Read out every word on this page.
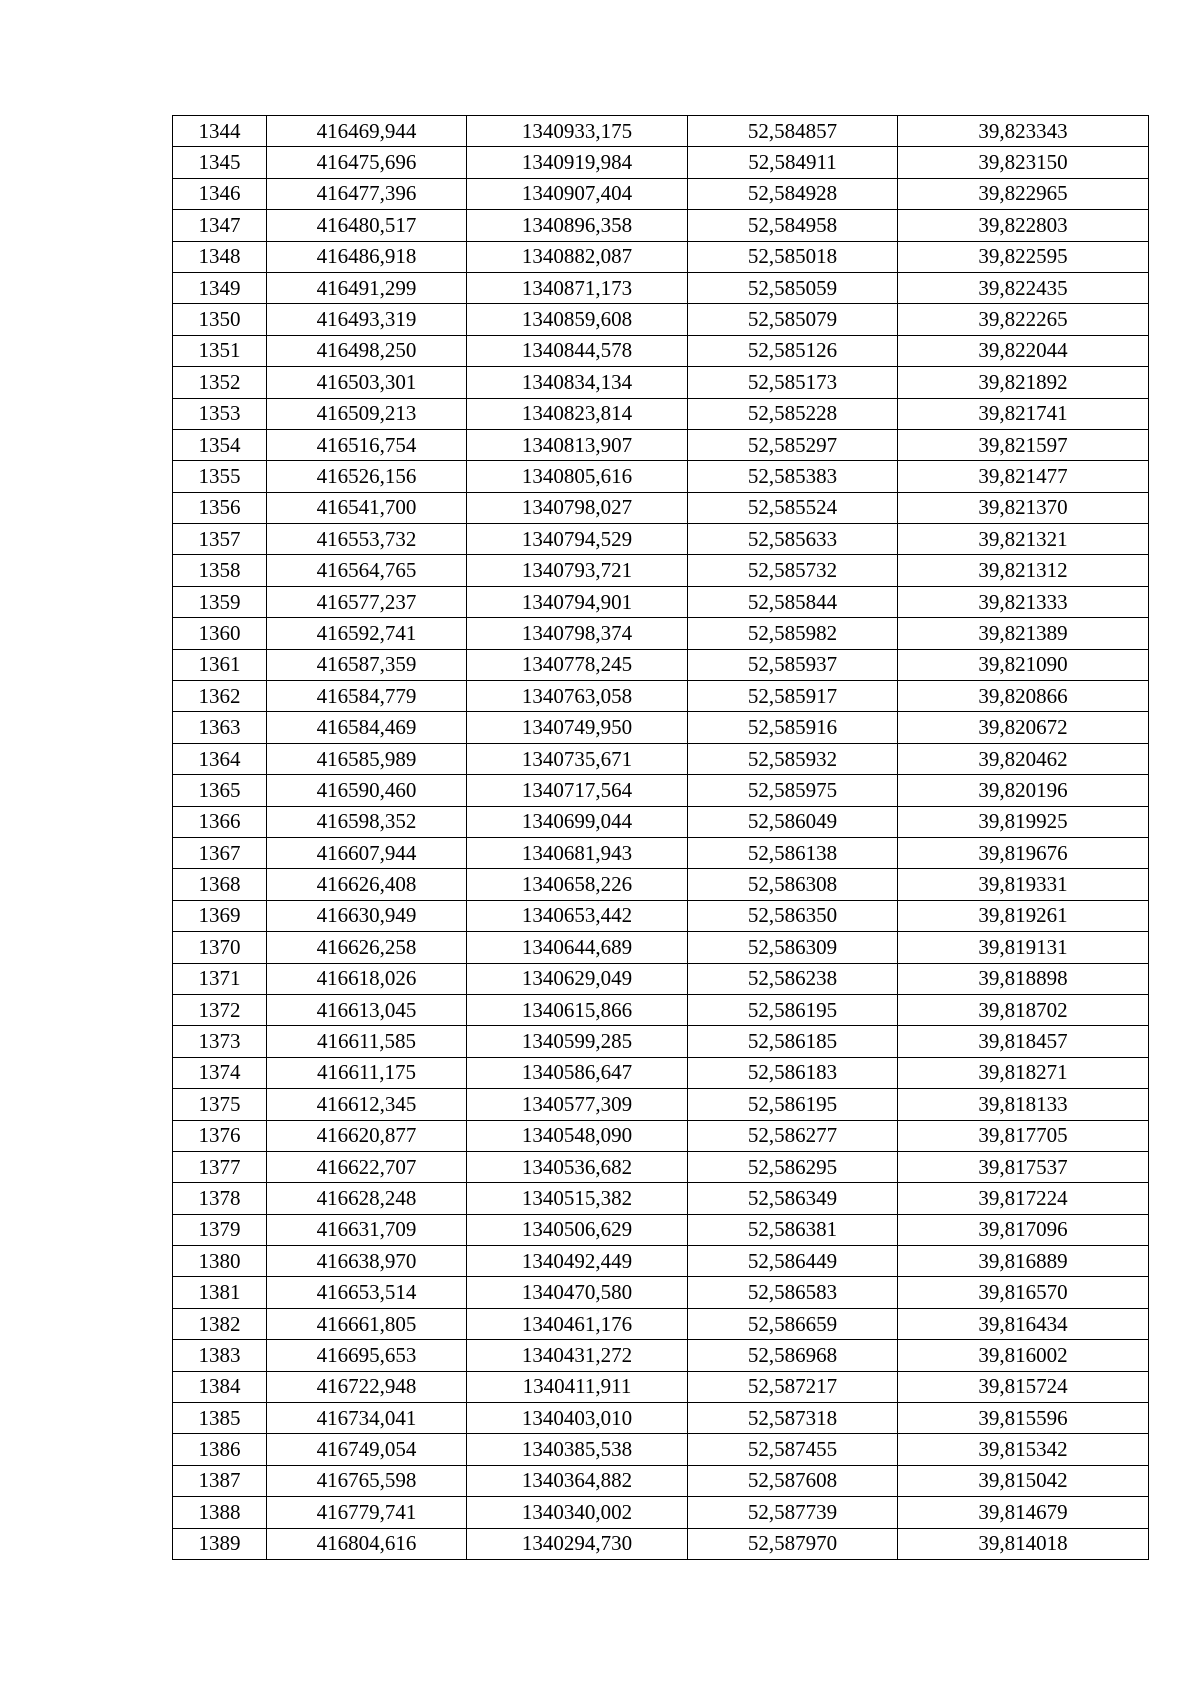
1344	416469,944	1340933,175	52,584857	39,823343
1345	416475,696	1340919,984	52,584911	39,823150
1346	416477,396	1340907,404	52,584928	39,822965
1347	416480,517	1340896,358	52,584958	39,822803
1348	416486,918	1340882,087	52,585018	39,822595
1349	416491,299	1340871,173	52,585059	39,822435
1350	416493,319	1340859,608	52,585079	39,822265
1351	416498,250	1340844,578	52,585126	39,822044
1352	416503,301	1340834,134	52,585173	39,821892
1353	416509,213	1340823,814	52,585228	39,821741
1354	416516,754	1340813,907	52,585297	39,821597
1355	416526,156	1340805,616	52,585383	39,821477
1356	416541,700	1340798,027	52,585524	39,821370
1357	416553,732	1340794,529	52,585633	39,821321
1358	416564,765	1340793,721	52,585732	39,821312
1359	416577,237	1340794,901	52,585844	39,821333
1360	416592,741	1340798,374	52,585982	39,821389
1361	416587,359	1340778,245	52,585937	39,821090
1362	416584,779	1340763,058	52,585917	39,820866
1363	416584,469	1340749,950	52,585916	39,820672
1364	416585,989	1340735,671	52,585932	39,820462
1365	416590,460	1340717,564	52,585975	39,820196
1366	416598,352	1340699,044	52,586049	39,819925
1367	416607,944	1340681,943	52,586138	39,819676
1368	416626,408	1340658,226	52,586308	39,819331
1369	416630,949	1340653,442	52,586350	39,819261
1370	416626,258	1340644,689	52,586309	39,819131
1371	416618,026	1340629,049	52,586238	39,818898
1372	416613,045	1340615,866	52,586195	39,818702
1373	416611,585	1340599,285	52,586185	39,818457
1374	416611,175	1340586,647	52,586183	39,818271
1375	416612,345	1340577,309	52,586195	39,818133
1376	416620,877	1340548,090	52,586277	39,817705
1377	416622,707	1340536,682	52,586295	39,817537
1378	416628,248	1340515,382	52,586349	39,817224
1379	416631,709	1340506,629	52,586381	39,817096
1380	416638,970	1340492,449	52,586449	39,816889
1381	416653,514	1340470,580	52,586583	39,816570
1382	416661,805	1340461,176	52,586659	39,816434
1383	416695,653	1340431,272	52,586968	39,816002
1384	416722,948	1340411,911	52,587217	39,815724
1385	416734,041	1340403,010	52,587318	39,815596
1386	416749,054	1340385,538	52,587455	39,815342
1387	416765,598	1340364,882	52,587608	39,815042
1388	416779,741	1340340,002	52,587739	39,814679
1389	416804,616	1340294,730	52,587970	39,814018
